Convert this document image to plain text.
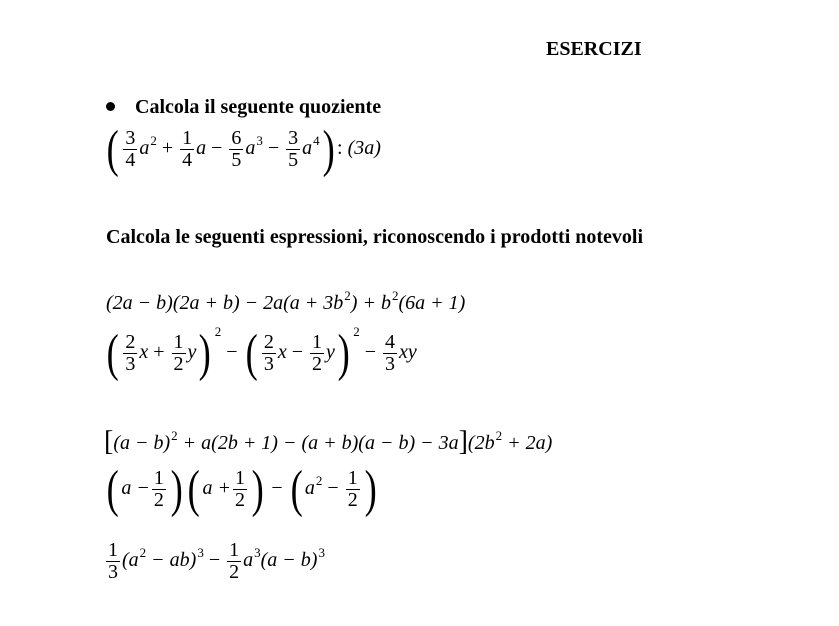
ESERCIZI
Calcola il seguente quoziente
( $\frac{3}{4} a^2 + \frac{1}{4}$ $a - \frac{6}{5} a^3 - \frac{3}{5} a^4$) : (3a)
Calcola le seguenti espressioni, riconoscendo i prodotti notevoli
$(2a - b)(2a + b) - 2a(a + 3b^2) + b^2(6a + 1)$
( $\frac{2}{3}$ $x + \frac{1}{2} y$) $^2$ − ( $\frac{2}{3}$ $x - \frac{1}{2} y$) $^2 - \frac{4}{3}$ xy
$[(a - b)^2 + a(2b + 1) - (a + b)(a - b) - 3a](2b^2 + 2a)$
( $a - \frac{1}{2}$ )( $a + \frac{1}{2}$ ) − ( $a^2 - \frac{1}{2}$ )
$\frac{1}{3} (a^2 - ab)^3 - \frac{1}{2} a^3(a - b)^3$
